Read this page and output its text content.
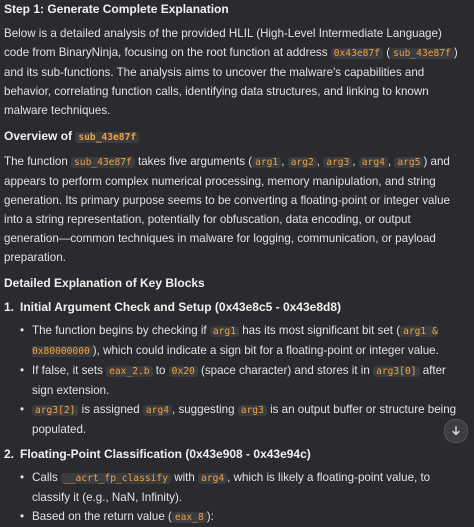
Step 1: Generate Complete Explanation

Below is a detailed analysis of the provided HLIL (High-Level Intermediate Language) code from BinaryNinja, focusing on the root function at address 0x43e87f ( sub_43e87f ) and its sub-functions. The analysis aims to uncover the malware's capabilities and behavior, correlating function calls, identifying data structures, and linking to known malware techniques.

Overview of sub_43e87f

The function sub_43e87f takes five arguments ( arg1 , arg2 , arg3 , arg4 , arg5 ) and appears to perform complex numerical processing, memory manipulation, and string generation. Its primary purpose seems to be converting a floating-point or integer value into a string representation, potentially for obfuscation, data encoding, or output generation—common techniques in malware for logging, communication, or payload preparation.

Detailed Explanation of Key Blocks
1. Initial Argument Check and Setup (0x43e8c5 - 0x43e8d8)
• The function begins by checking if arg1 has its most significant bit set ( arg1 & 0x80000000 ), which could indicate a sign bit for a floating-point or integer value.
• If false, it sets eax_2.b to 0x20 (space character) and stores it in arg3[0] after sign extension.
• arg3[2] is assigned arg4 , suggesting arg3 is an output buffer or structure being populated.
2. Floating-Point Classification (0x43e908 - 0x43e94c)
• Calls __acrt_fp_classify with arg4 , which is likely a floating-point value, to classify it (e.g., NaN, Infinity).
• Based on the return value ( eax_8 ):
